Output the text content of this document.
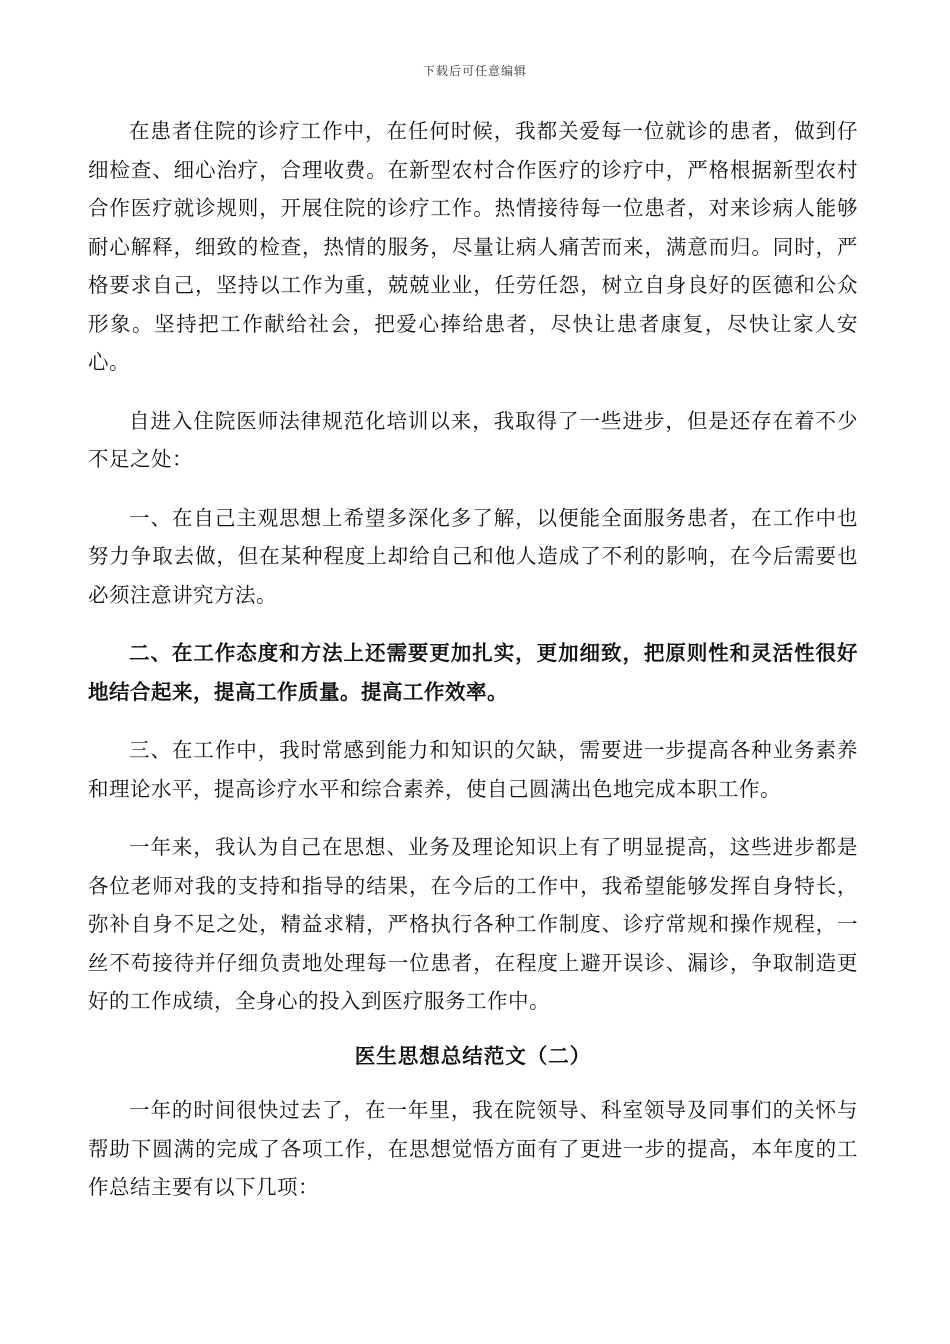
下载后可任意编辑

在患者住院的诊疗工作中，在任何时候，我都关爱每一位就诊的患者，做到仔细检查、细心治疗，合理收费。在新型农村合作医疗的诊疗中，严格根据新型农村合作医疗就诊规则，开展住院的诊疗工作。热情接待每一位患者，对来诊病人能够耐心解释，细致的检查，热情的服务，尽量让病人痛苦而来，满意而归。同时，严格要求自己，坚持以工作为重，兢兢业业，任劳任怨，树立自身良好的医德和公众形象。坚持把工作献给社会，把爱心捧给患者，尽快让患者康复，尽快让家人安心。

自进入住院医师法律规范化培训以来，我取得了一些进步，但是还存在着不少不足之处：

一、在自己主观思想上希望多深化多了解，以便能全面服务患者，在工作中也努力争取去做，但在某种程度上却给自己和他人造成了不利的影响，在今后需要也必须注意讲究方法。

二、在工作态度和方法上还需要更加扎实，更加细致，把原则性和灵活性很好地结合起来，提高工作质量。提高工作效率。

三、在工作中，我时常感到能力和知识的欠缺，需要进一步提高各种业务素养和理论水平，提高诊疗水平和综合素养，使自己圆满出色地完成本职工作。

一年来，我认为自己在思想、业务及理论知识上有了明显提高，这些进步都是各位老师对我的支持和指导的结果，在今后的工作中，我希望能够发挥自身特长，弥补自身不足之处，精益求精，严格执行各种工作制度、诊疗常规和操作规程，一丝不苟接待并仔细负责地处理每一位患者，在程度上避开误诊、漏诊，争取制造更好的工作成绩，全身心的投入到医疗服务工作中。

医生思想总结范文（二）

一年的时间很快过去了，在一年里，我在院领导、科室领导及同事们的关怀与帮助下圆满的完成了各项工作，在思想觉悟方面有了更进一步的提高，本年度的工作总结主要有以下几项：
